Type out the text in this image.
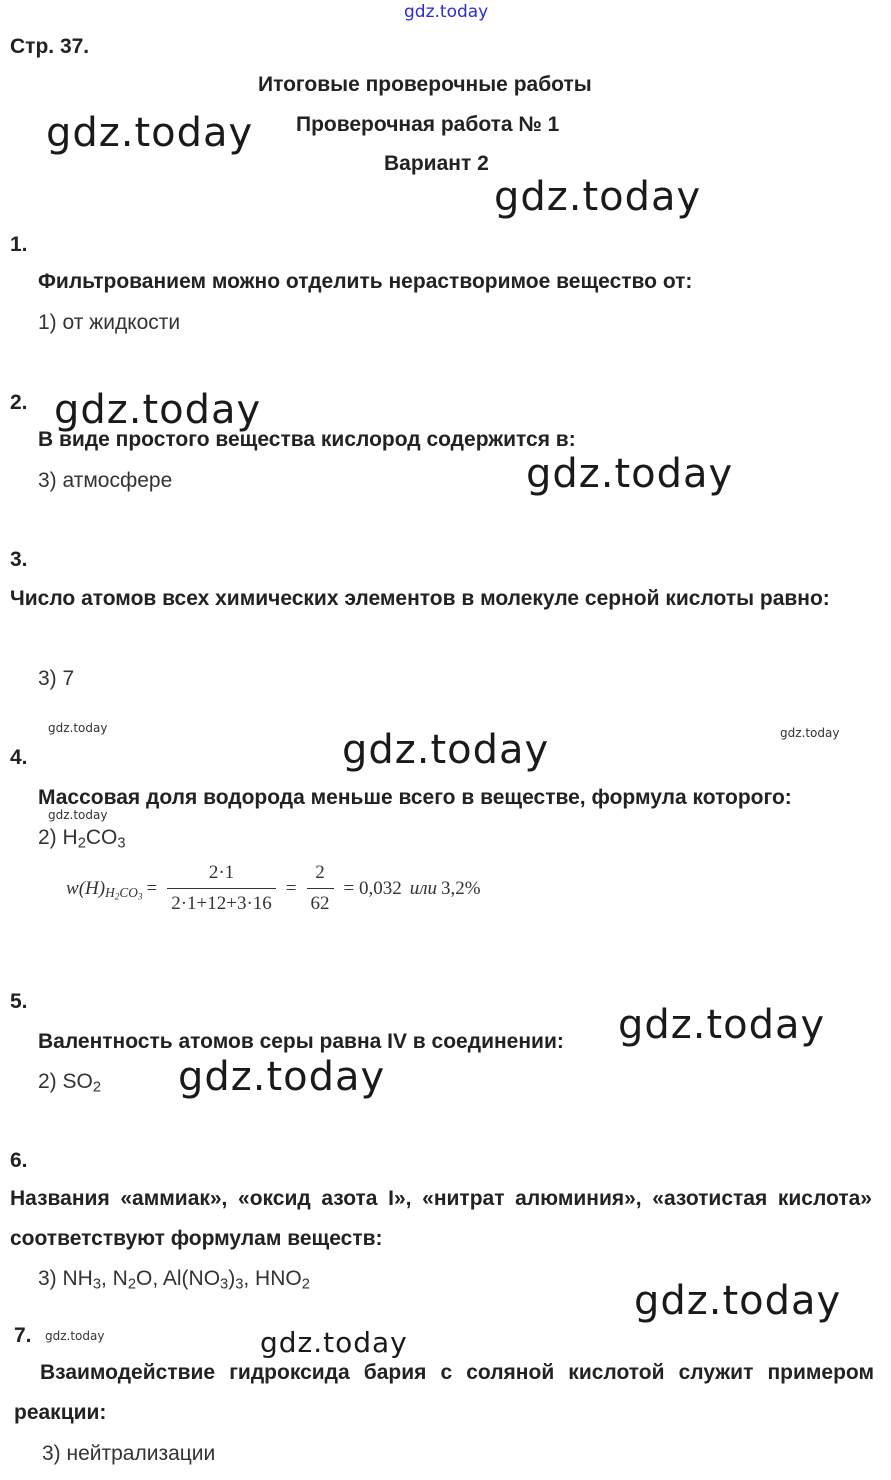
gdz.today
gdz.today
gdz.today
gdz.today
gdz.today
gdz.today	gdz.today
gdz.today
gdz.today
gdz.today
gdz.today
gdz.today
gdz.today	gdz.today
Стр. 37.
Итоговые проверочные работы
Проверочная работа № 1
Вариант 2
1.
Фильтрованием можно отделить нерастворимое вещество от:
1) от жидкости
2.
В виде простого вещества кислород содержится в:
3) атмосфере
3.
Число атомов всех химических элементов в молекуле серной кислоты равно:
3) 7
4.
Массовая доля водорода меньше всего в веществе, формула которого:
2) $H_2CO_3$
$w(H)_{H_2CO_3} = \frac{2\cdot 1}{2\cdot 1+12+3\cdot 16} = \frac{2}{62} = 0,032$ или 3,2%
5.
Валентность атомов серы равна IV в соединении:
2) $SO_2$
6.
Названия «аммиак», «оксид азота I», «нитрат алюминия», «азотистая кислота» соответствуют формулам веществ:
3) $NH_3$, $N_2O$, $Al(NO_3)_3$, $HNO_2$
7.
Взаимодействие гидроксида бария с соляной кислотой служит примером реакции:
3) нейтрализации
